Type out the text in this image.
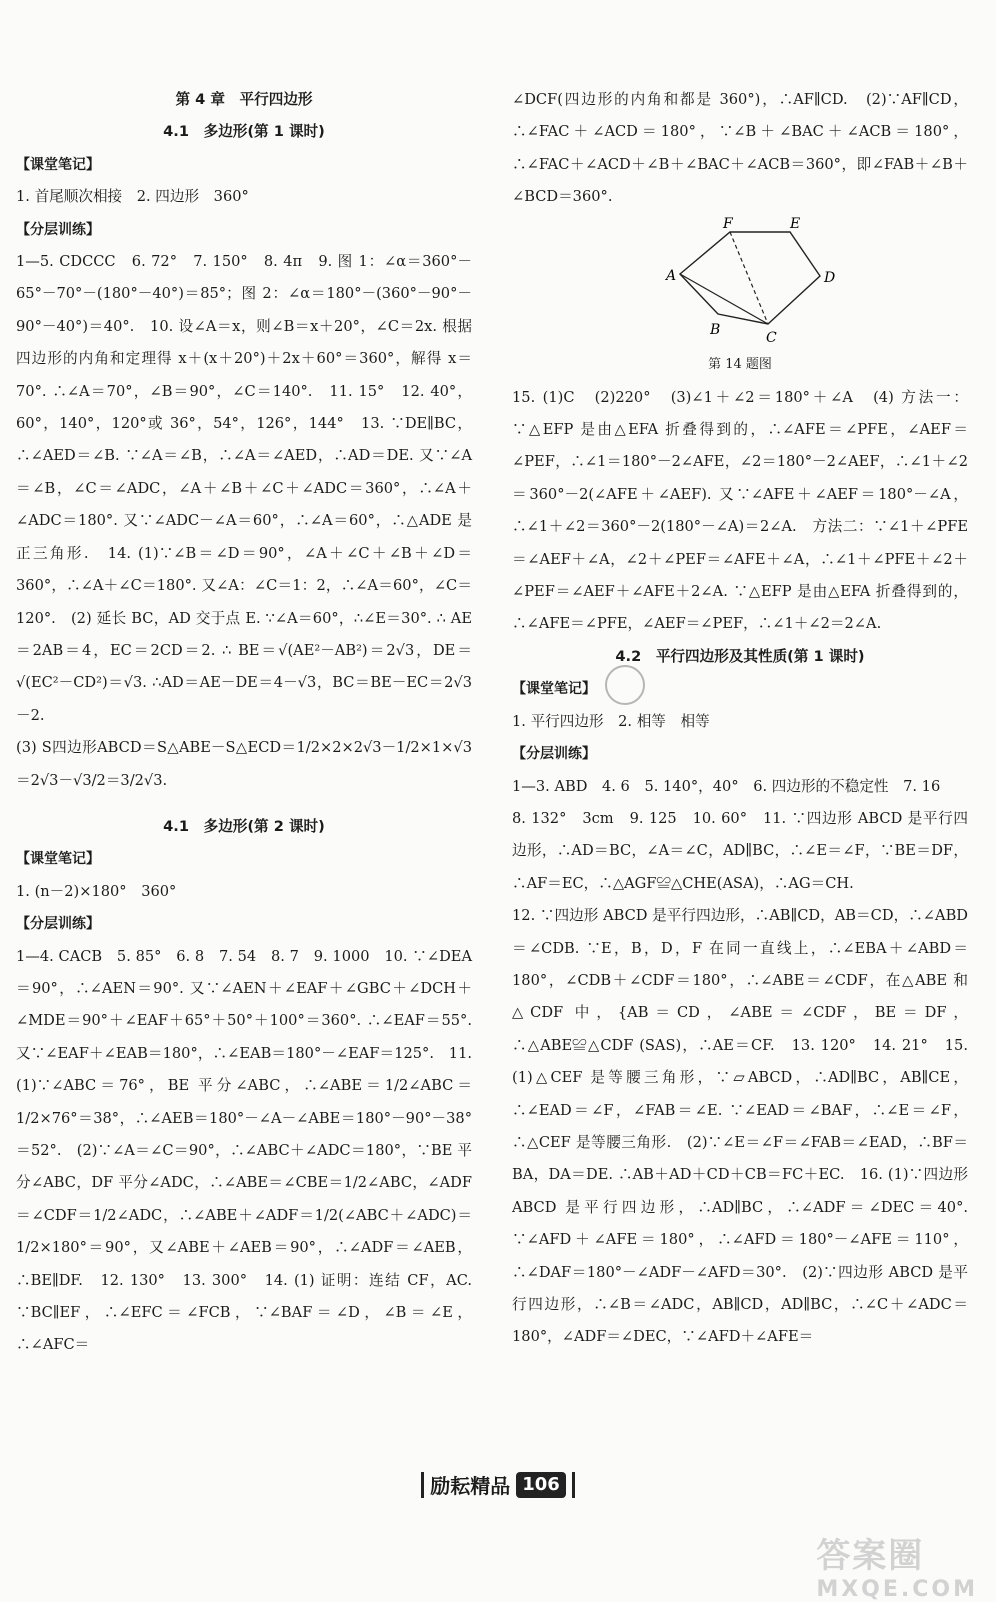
第 4 章　平行四边形

4.1　多边形(第 1 课时)

【课堂笔记】

1. 首尾顺次相接　2. 四边形　360°

【分层训练】

1—5. CDCCC　6. 72°　7. 150°　8. 4π　9. 图 1：∠α＝360°－65°－70°－(180°－40°)＝85°；图 2：∠α＝180°－(360°－90°－90°－40°)＝40°.　10. 设∠A＝x，则∠B＝x＋20°，∠C＝2x. 根据四边形的内角和定理得 x＋(x＋20°)＋2x＋60°＝360°，解得 x＝70°. ∴∠A＝70°，∠B＝90°，∠C＝140°.　11. 15°　12. 40°，60°，140°，120°或 36°，54°，126°，144°　13. ∵DE∥BC，∴∠AED＝∠B. ∵∠A＝∠B，∴∠A＝∠AED，∴AD＝DE. 又∵∠A＝∠B，∠C＝∠ADC，∠A＋∠B＋∠C＋∠ADC＝360°，∴∠A＋∠ADC＝180°. 又∵∠ADC－∠A＝60°，∴∠A＝60°，∴△ADE 是正三角形.　14. (1)∵∠B＝∠D＝90°，∠A＋∠C＋∠B＋∠D＝360°，∴∠A＋∠C＝180°. 又∠A：∠C＝1：2，∴∠A＝60°，∠C＝120°.　(2) 延长 BC，AD 交于点 E. ∵∠A＝60°，∴∠E＝30°. ∴ AE＝2AB＝4，EC＝2CD＝2. ∴ BE＝√(AE²－AB²)＝2√3，DE＝√(EC²－CD²)＝√3. ∴AD＝AE－DE＝4－√3，BC＝BE－EC＝2√3－2.

(3) S四边形ABCD＝S△ABE－S△ECD＝1/2×2×2√3－1/2×1×√3＝2√3－√3/2＝3/2√3.

4.1　多边形(第 2 课时)

【课堂笔记】

1. (n－2)×180°　360°

【分层训练】

1—4. CACB　5. 85°　6. 8　7. 54　8. 7　9. 1000　10. ∵∠DEA＝90°，∴∠AEN＝90°. 又∵∠AEN＋∠EAF＋∠GBC＋∠DCH＋∠MDE＝90°＋∠EAF＋65°＋50°＋100°＝360°. ∴∠EAF＝55°. 又∵∠EAF＋∠EAB＝180°，∴∠EAB＝180°－∠EAF＝125°.　11. (1)∵∠ABC＝76°，BE 平分∠ABC，∴∠ABE＝1/2∠ABC＝1/2×76°＝38°，∴∠AEB＝180°－∠A－∠ABE＝180°－90°－38°＝52°.　(2)∵∠A＝∠C＝90°，∴∠ABC＋∠ADC＝180°，∵BE 平分∠ABC，DF 平分∠ADC，∴∠ABE＝∠CBE＝1/2∠ABC，∠ADF＝∠CDF＝1/2∠ADC，∴∠ABE＋∠ADF＝1/2(∠ABC＋∠ADC)＝1/2×180°＝90°，又∠ABE＋∠AEB＝90°，∴∠ADF＝∠AEB，∴BE∥DF.　12. 130°　13. 300°　14. (1) 证明：连结 CF，AC. ∵BC∥EF，∴∠EFC＝∠FCB，∵∠BAF＝∠D，∠B＝∠E，∴∠AFC＝

∠DCF(四边形的内角和都是 360°)，∴AF∥CD.　(2)∵AF∥CD，∴∠FAC＋∠ACD＝180°，∵∠B＋∠BAC＋∠ACB＝180°，∴∠FAC＋∠ACD＋∠B＋∠BAC＋∠ACB＝360°，即∠FAB＋∠B＋∠BCD＝360°.

A
B	C
D
E
F

第 14 题图

15. (1)C　(2)220°　(3)∠1＋∠2＝180°＋∠A　(4) 方法一：∵△EFP 是由△EFA 折叠得到的，∴∠AFE＝∠PFE，∠AEF＝∠PEF，∴∠1＝180°－2∠AFE，∠2＝180°－2∠AEF，∴∠1＋∠2＝360°－2(∠AFE＋∠AEF). 又∵∠AFE＋∠AEF＝180°－∠A，∴∠1＋∠2＝360°－2(180°－∠A)＝2∠A.　方法二：∵∠1＋∠PFE＝∠AEF＋∠A，∠2＋∠PEF＝∠AFE＋∠A，∴∠1＋∠PFE＋∠2＋∠PEF＝∠AEF＋∠AFE＋2∠A. ∵△EFP 是由△EFA 折叠得到的，∴∠AFE＝∠PFE，∠AEF＝∠PEF，∴∠1＋∠2＝2∠A.

4.2　平行四边形及其性质(第 1 课时)

【课堂笔记】

1. 平行四边形　2. 相等　相等

【分层训练】

1—3. ABD　4. 6　5. 140°，40°　6. 四边形的不稳定性　7. 16

8. 132°　3cm　9. 125　10. 60°　11. ∵四边形 ABCD 是平行四边形，∴AD＝BC，∠A＝∠C，AD∥BC，∴∠E＝∠F，∵BE＝DF，∴AF＝EC，∴△AGF≌△CHE(ASA)，∴AG＝CH.

12. ∵四边形 ABCD 是平行四边形，∴AB∥CD，AB＝CD，∴∠ABD＝∠CDB. ∵E，B，D，F 在同一直线上，∴∠EBA＋∠ABD＝180°，∠CDB＋∠CDF＝180°，∴∠ABE＝∠CDF，在△ABE 和△CDF 中，{AB＝CD，∠ABE＝∠CDF，BE＝DF，∴△ABE≌△CDF (SAS)，∴AE＝CF.　13. 120°　14. 21°　15. (1)△CEF 是等腰三角形，∵▱ABCD，∴AD∥BC，AB∥CE，∴∠EAD＝∠F，∠FAB＝∠E. ∵∠EAD＝∠BAF，∴∠E＝∠F，∴△CEF 是等腰三角形.　(2)∵∠E＝∠F＝∠FAB＝∠EAD，∴BF＝BA，DA＝DE. ∴AB＋AD＋CD＋CB＝FC＋EC.　16. (1)∵四边形 ABCD 是平行四边形，∴AD∥BC，∴∠ADF＝∠DEC＝40°. ∵∠AFD＋∠AFE＝180°，∴∠AFD＝180°－∠AFE＝110°，∴∠DAF＝180°－∠ADF－∠AFD＝30°.　(2)∵四边形 ABCD 是平行四边形，∴∠B＝∠ADC，AB∥CD，AD∥BC，∴∠C＋∠ADC＝180°，∠ADF＝∠DEC，∵∠AFD＋∠AFE＝

励耘精品 106
答案圈
MXQE.COM
